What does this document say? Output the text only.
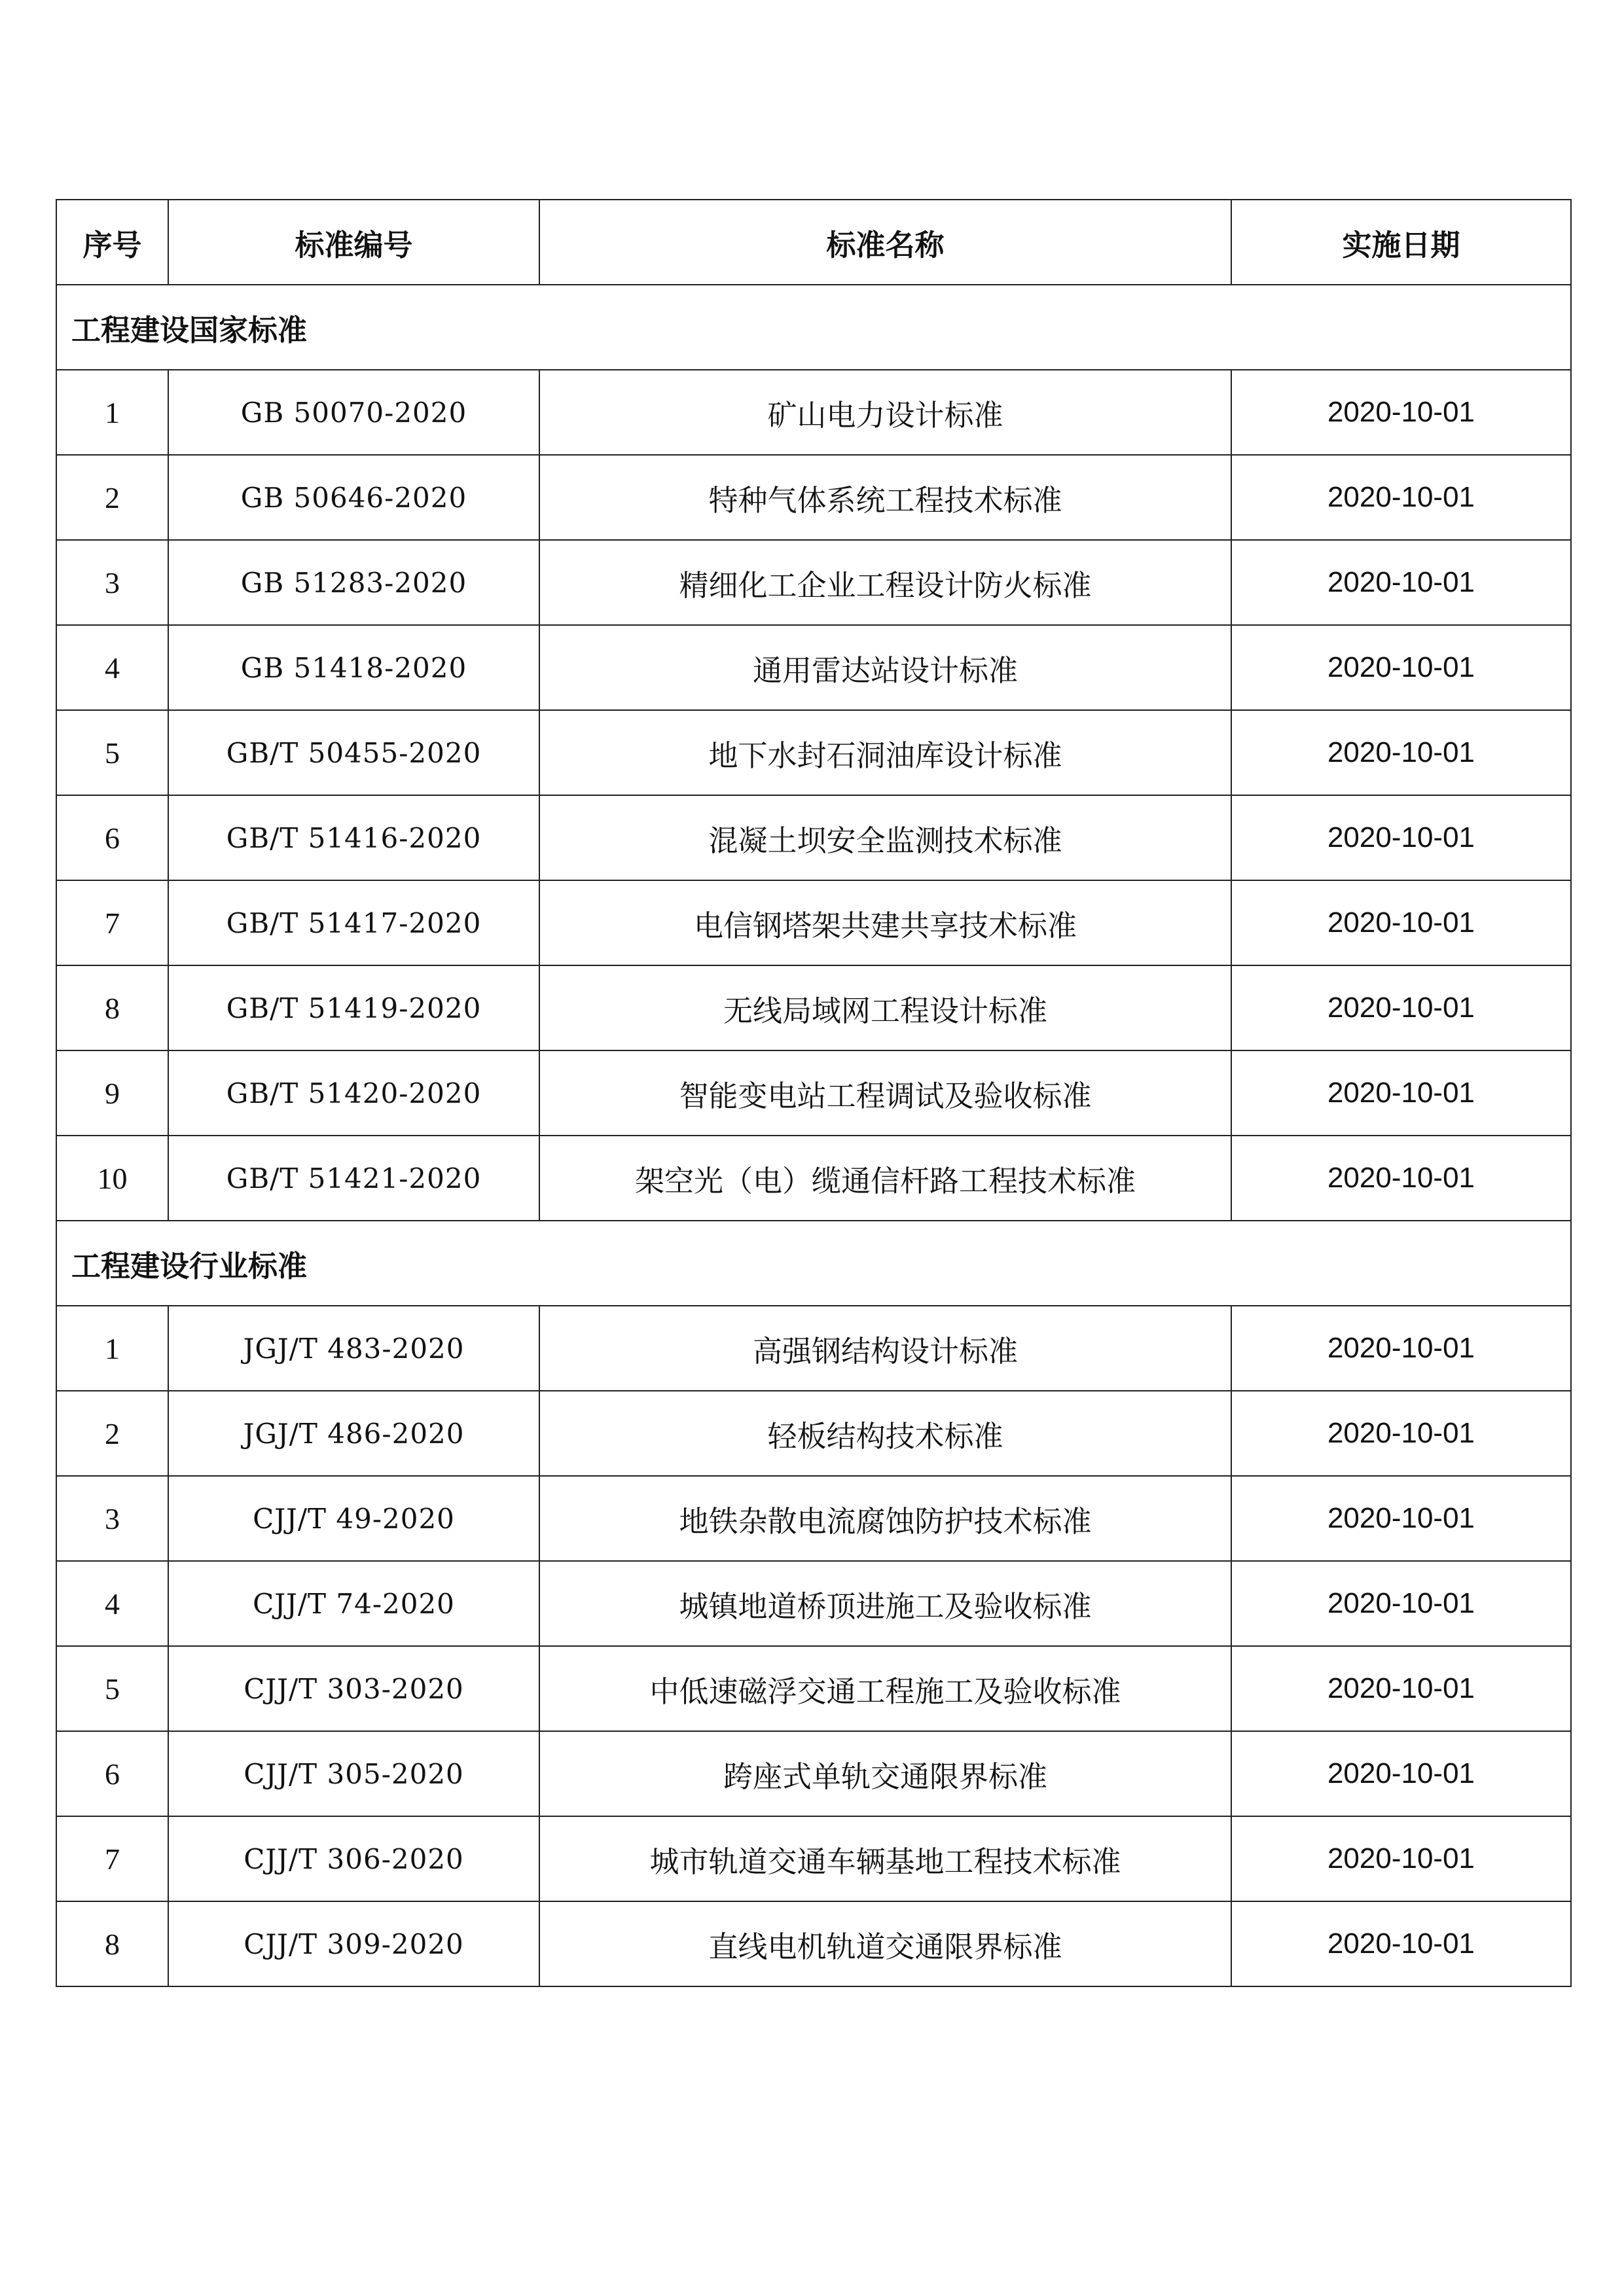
序号	标准编号	标准名称	实施日期
工程建设国家标准			
1	GB 50070-2020	矿山电力设计标准	2020-10-01
2	GB 50646-2020	特种气体系统工程技术标准	2020-10-01
3	GB 51283-2020	精细化工企业工程设计防火标准	2020-10-01
4	GB 51418-2020	通用雷达站设计标准	2020-10-01
5	GB/T 50455-2020	地下水封石洞油库设计标准	2020-10-01
6	GB/T 51416-2020	混凝土坝安全监测技术标准	2020-10-01
7	GB/T 51417-2020	电信钢塔架共建共享技术标准	2020-10-01
8	GB/T 51419-2020	无线局域网工程设计标准	2020-10-01
9	GB/T 51420-2020	智能变电站工程调试及验收标准	2020-10-01
10	GB/T 51421-2020	架空光（电）缆通信杆路工程技术标准	2020-10-01
工程建设行业标准			
1	JGJ/T 483-2020	高强钢结构设计标准	2020-10-01
2	JGJ/T 486-2020	轻板结构技术标准	2020-10-01
3	CJJ/T 49-2020	地铁杂散电流腐蚀防护技术标准	2020-10-01
4	CJJ/T 74-2020	城镇地道桥顶进施工及验收标准	2020-10-01
5	CJJ/T 303-2020	中低速磁浮交通工程施工及验收标准	2020-10-01
6	CJJ/T 305-2020	跨座式单轨交通限界标准	2020-10-01
7	CJJ/T 306-2020	城市轨道交通车辆基地工程技术标准	2020-10-01
8	CJJ/T 309-2020	直线电机轨道交通限界标准	2020-10-01
